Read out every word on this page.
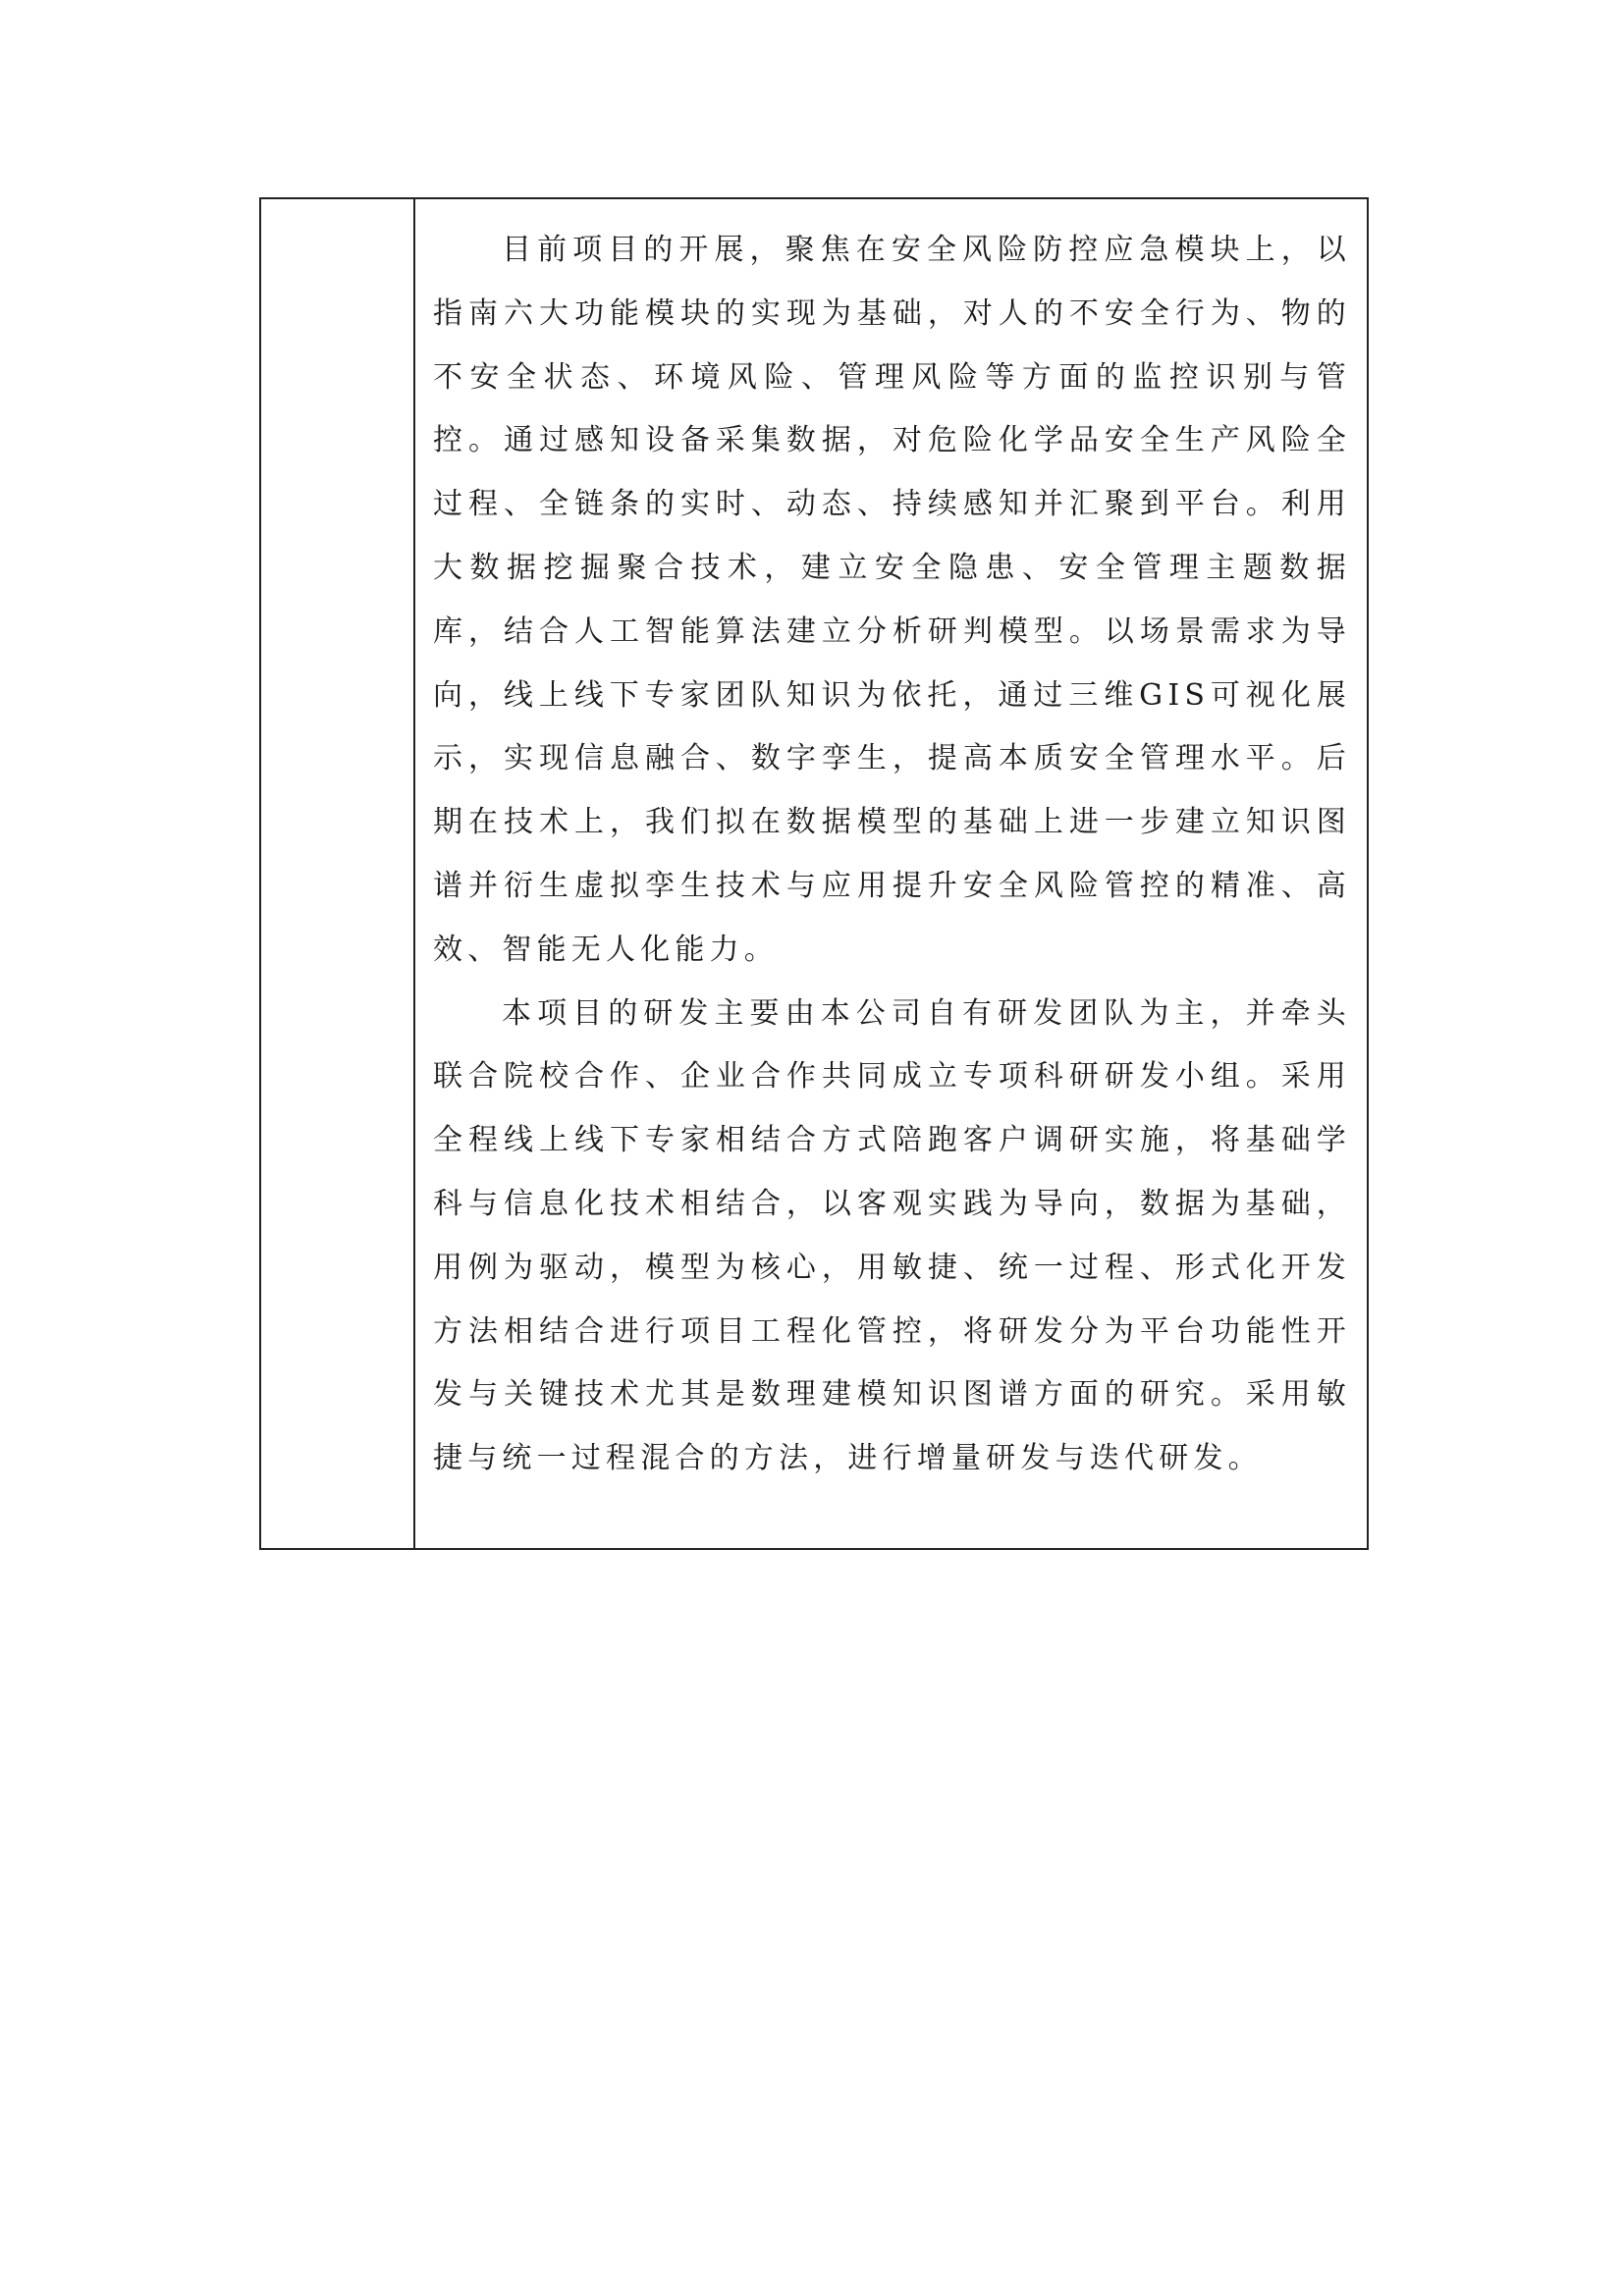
目前项目的开展，聚焦在安全风险防控应急模块上，以指南六大功能模块的实现为基础，对人的不安全行为、物的不安全状态、环境风险、管理风险等方面的监控识别与管控。通过感知设备采集数据，对危险化学品安全生产风险全过程、全链条的实时、动态、持续感知并汇聚到平台。利用大数据挖掘聚合技术，建立安全隐患、安全管理主题数据库，结合人工智能算法建立分析研判模型。以场景需求为导向，线上线下专家团队知识为依托，通过三维GIS可视化展示，实现信息融合、数字孪生，提高本质安全管理水平。后期在技术上，我们拟在数据模型的基础上进一步建立知识图谱并衍生虚拟孪生技术与应用提升安全风险管控的精准、高效、智能无人化能力。

本项目的研发主要由本公司自有研发团队为主，并牵头联合院校合作、企业合作共同成立专项科研研发小组。采用全程线上线下专家相结合方式陪跑客户调研实施，将基础学科与信息化技术相结合，以客观实践为导向，数据为基础，用例为驱动，模型为核心，用敏捷、统一过程、形式化开发方法相结合进行项目工程化管控，将研发分为平台功能性开发与关键技术尤其是数理建模知识图谱方面的研究。采用敏捷与统一过程混合的方法，进行增量研发与迭代研发。
